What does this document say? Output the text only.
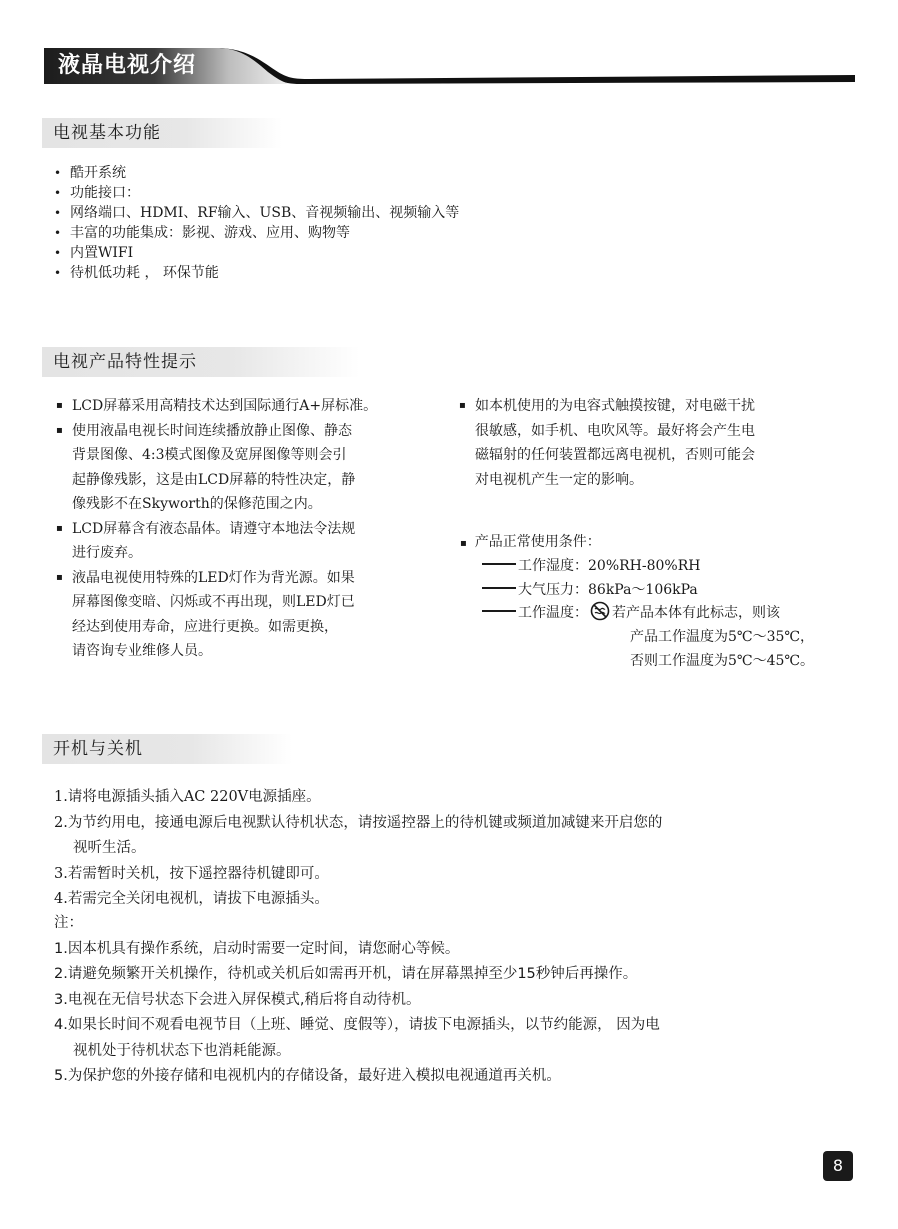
液晶电视介绍
电视基本功能
• 酷开系统
• 功能接口：
• 网络端口、HDMI、RF输入、USB、音视频输出、视频输入等
• 丰富的功能集成：影视、游戏、应用、购物等
• 内置WIFI
• 待机低功耗 ， 环保节能
电视产品特性提示
▪ LCD屏幕采用高精技术达到国际通行A+屏标准。
▪ 使用液晶电视长时间连续播放静止图像、静态
背景图像、4:3模式图像及宽屏图像等则会引
起静像残影，这是由LCD屏幕的特性决定，静
像残影不在Skyworth的保修范围之内。
▪ LCD屏幕含有液态晶体。请遵守本地法令法规
进行废弃。
▪ 液晶电视使用特殊的LED灯作为背光源。如果
屏幕图像变暗、闪烁或不再出现，则LED灯已
经达到使用寿命，应进行更换。如需更换，
请咨询专业维修人员。
▪ 如本机使用的为电容式触摸按键，对电磁干扰
很敏感，如手机、电吹风等。最好将会产生电
磁辐射的任何装置都远离电视机，否则可能会
对电视机产生一定的影响。
▪ 产品正常使用条件：
工作湿度：20%RH-80%RH
大气压力：86kPa～106kPa
工作温度： 若产品本体有此标志，则该
产品工作温度为5℃～35℃，
否则工作温度为5℃～45℃。
开机与关机
1.请将电源插头插入AC 220V电源插座。
2.为节约用电，接通电源后电视默认待机状态，请按遥控器上的待机键或频道加减键来开启您的
视听生活。
3.若需暂时关机，按下遥控器待机键即可。
4.若需完全关闭电视机，请拔下电源插头。
注：
1.因本机具有操作系统，启动时需要一定时间，请您耐心等候。
2.请避免频繁开关机操作，待机或关机后如需再开机，请在屏幕黑掉至少15秒钟后再操作。
3.电视在无信号状态下会进入屏保模式,稍后将自动待机。
4.如果长时间不观看电视节目（上班、睡觉、度假等），请拔下电源插头，以节约能源， 因为电
视机处于待机状态下也消耗能源。
5.为保护您的外接存储和电视机内的存储设备，最好进入模拟电视通道再关机。
8
